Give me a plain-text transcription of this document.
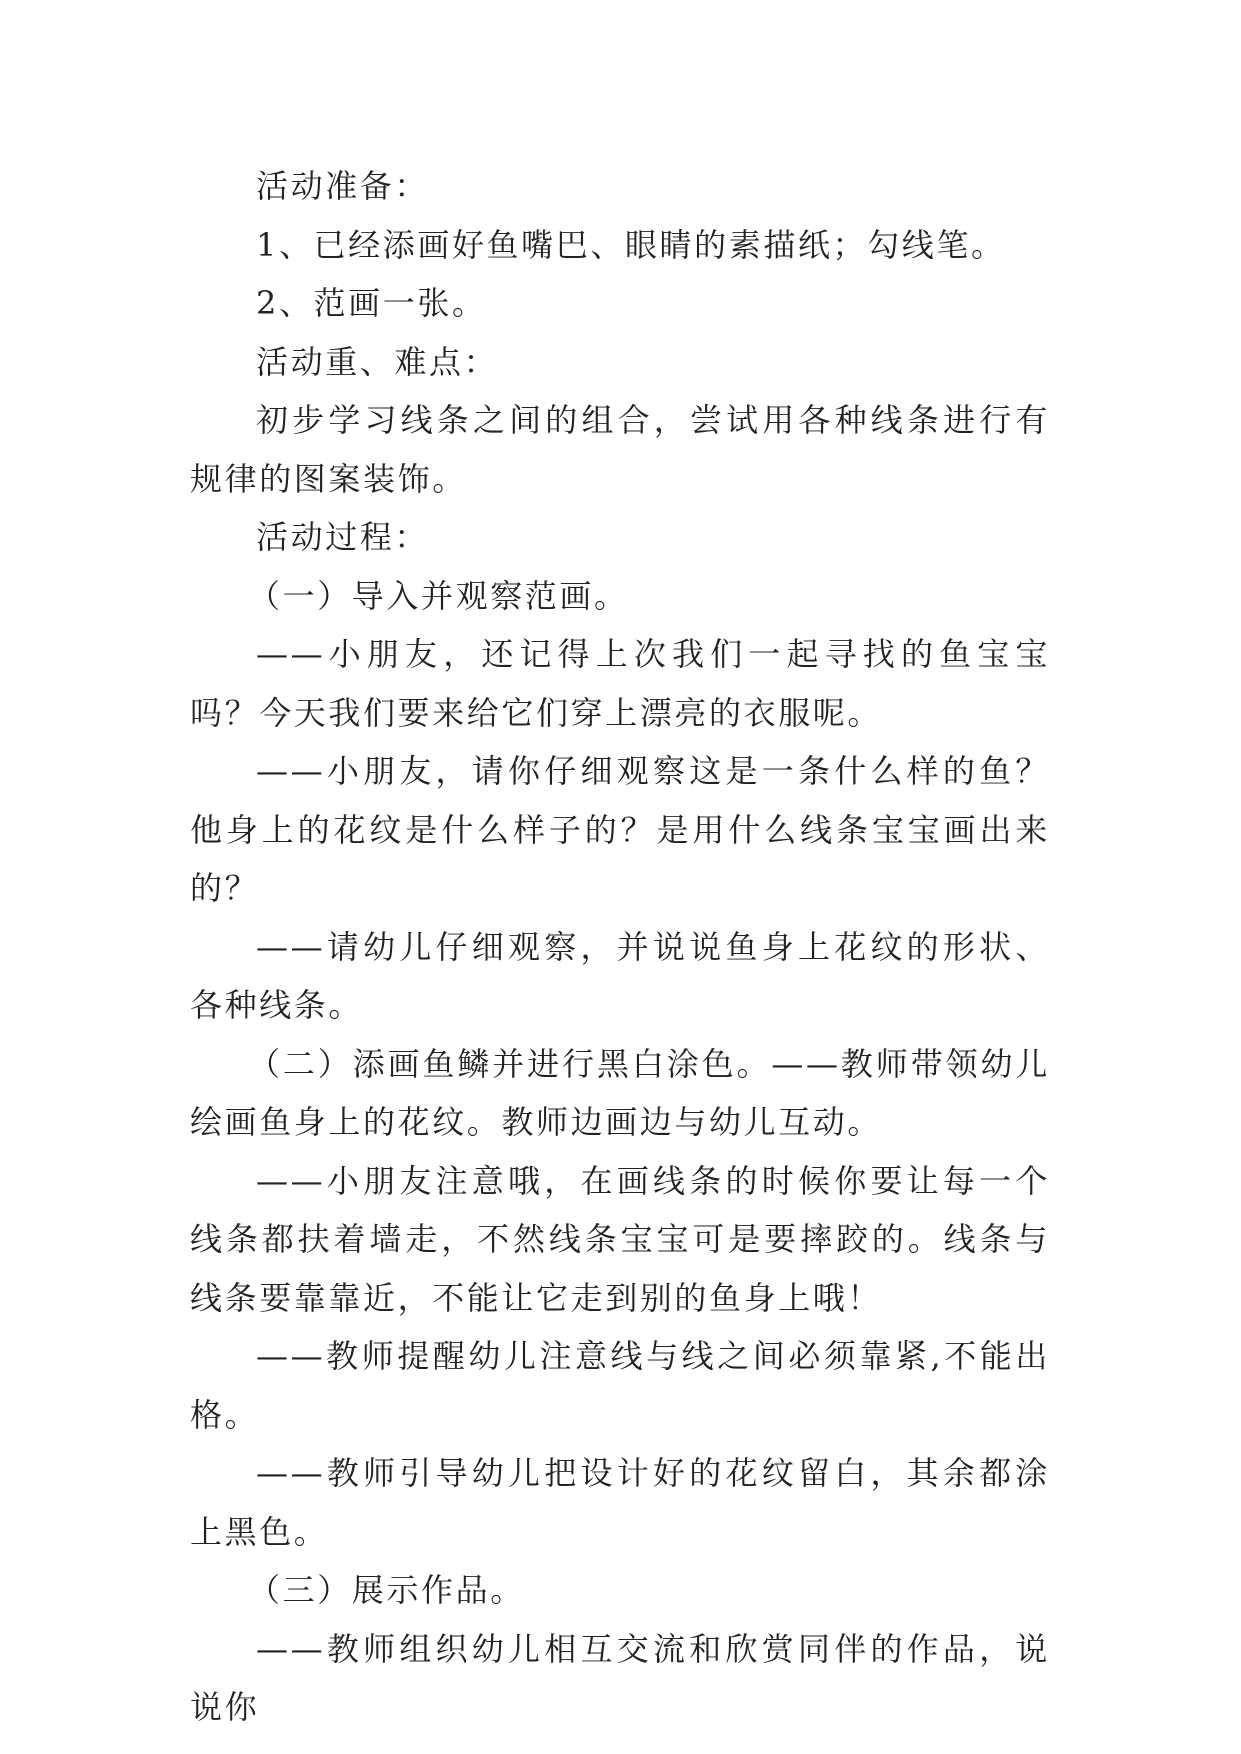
活动准备：

1、已经添画好鱼嘴巴、眼睛的素描纸；勾线笔。

2、范画一张。

活动重、难点：

初步学习线条之间的组合，尝试用各种线条进行有规律的图案装饰。

活动过程：

（一）导入并观察范画。

——小朋友，还记得上次我们一起寻找的鱼宝宝吗？今天我们要来给它们穿上漂亮的衣服呢。

——小朋友，请你仔细观察这是一条什么样的鱼？他身上的花纹是什么样子的？是用什么线条宝宝画出来的？

——请幼儿仔细观察，并说说鱼身上花纹的形状、各种线条。

（二）添画鱼鳞并进行黑白涂色。——教师带领幼儿绘画鱼身上的花纹。教师边画边与幼儿互动。

——小朋友注意哦，在画线条的时候你要让每一个线条都扶着墙走，不然线条宝宝可是要摔跤的。线条与线条要靠靠近，不能让它走到别的鱼身上哦！

——教师提醒幼儿注意线与线之间必须靠紧,不能出格。

——教师引导幼儿把设计好的花纹留白，其余都涂上黑色。

（三）展示作品。

——教师组织幼儿相互交流和欣赏同伴的作品，说说你
